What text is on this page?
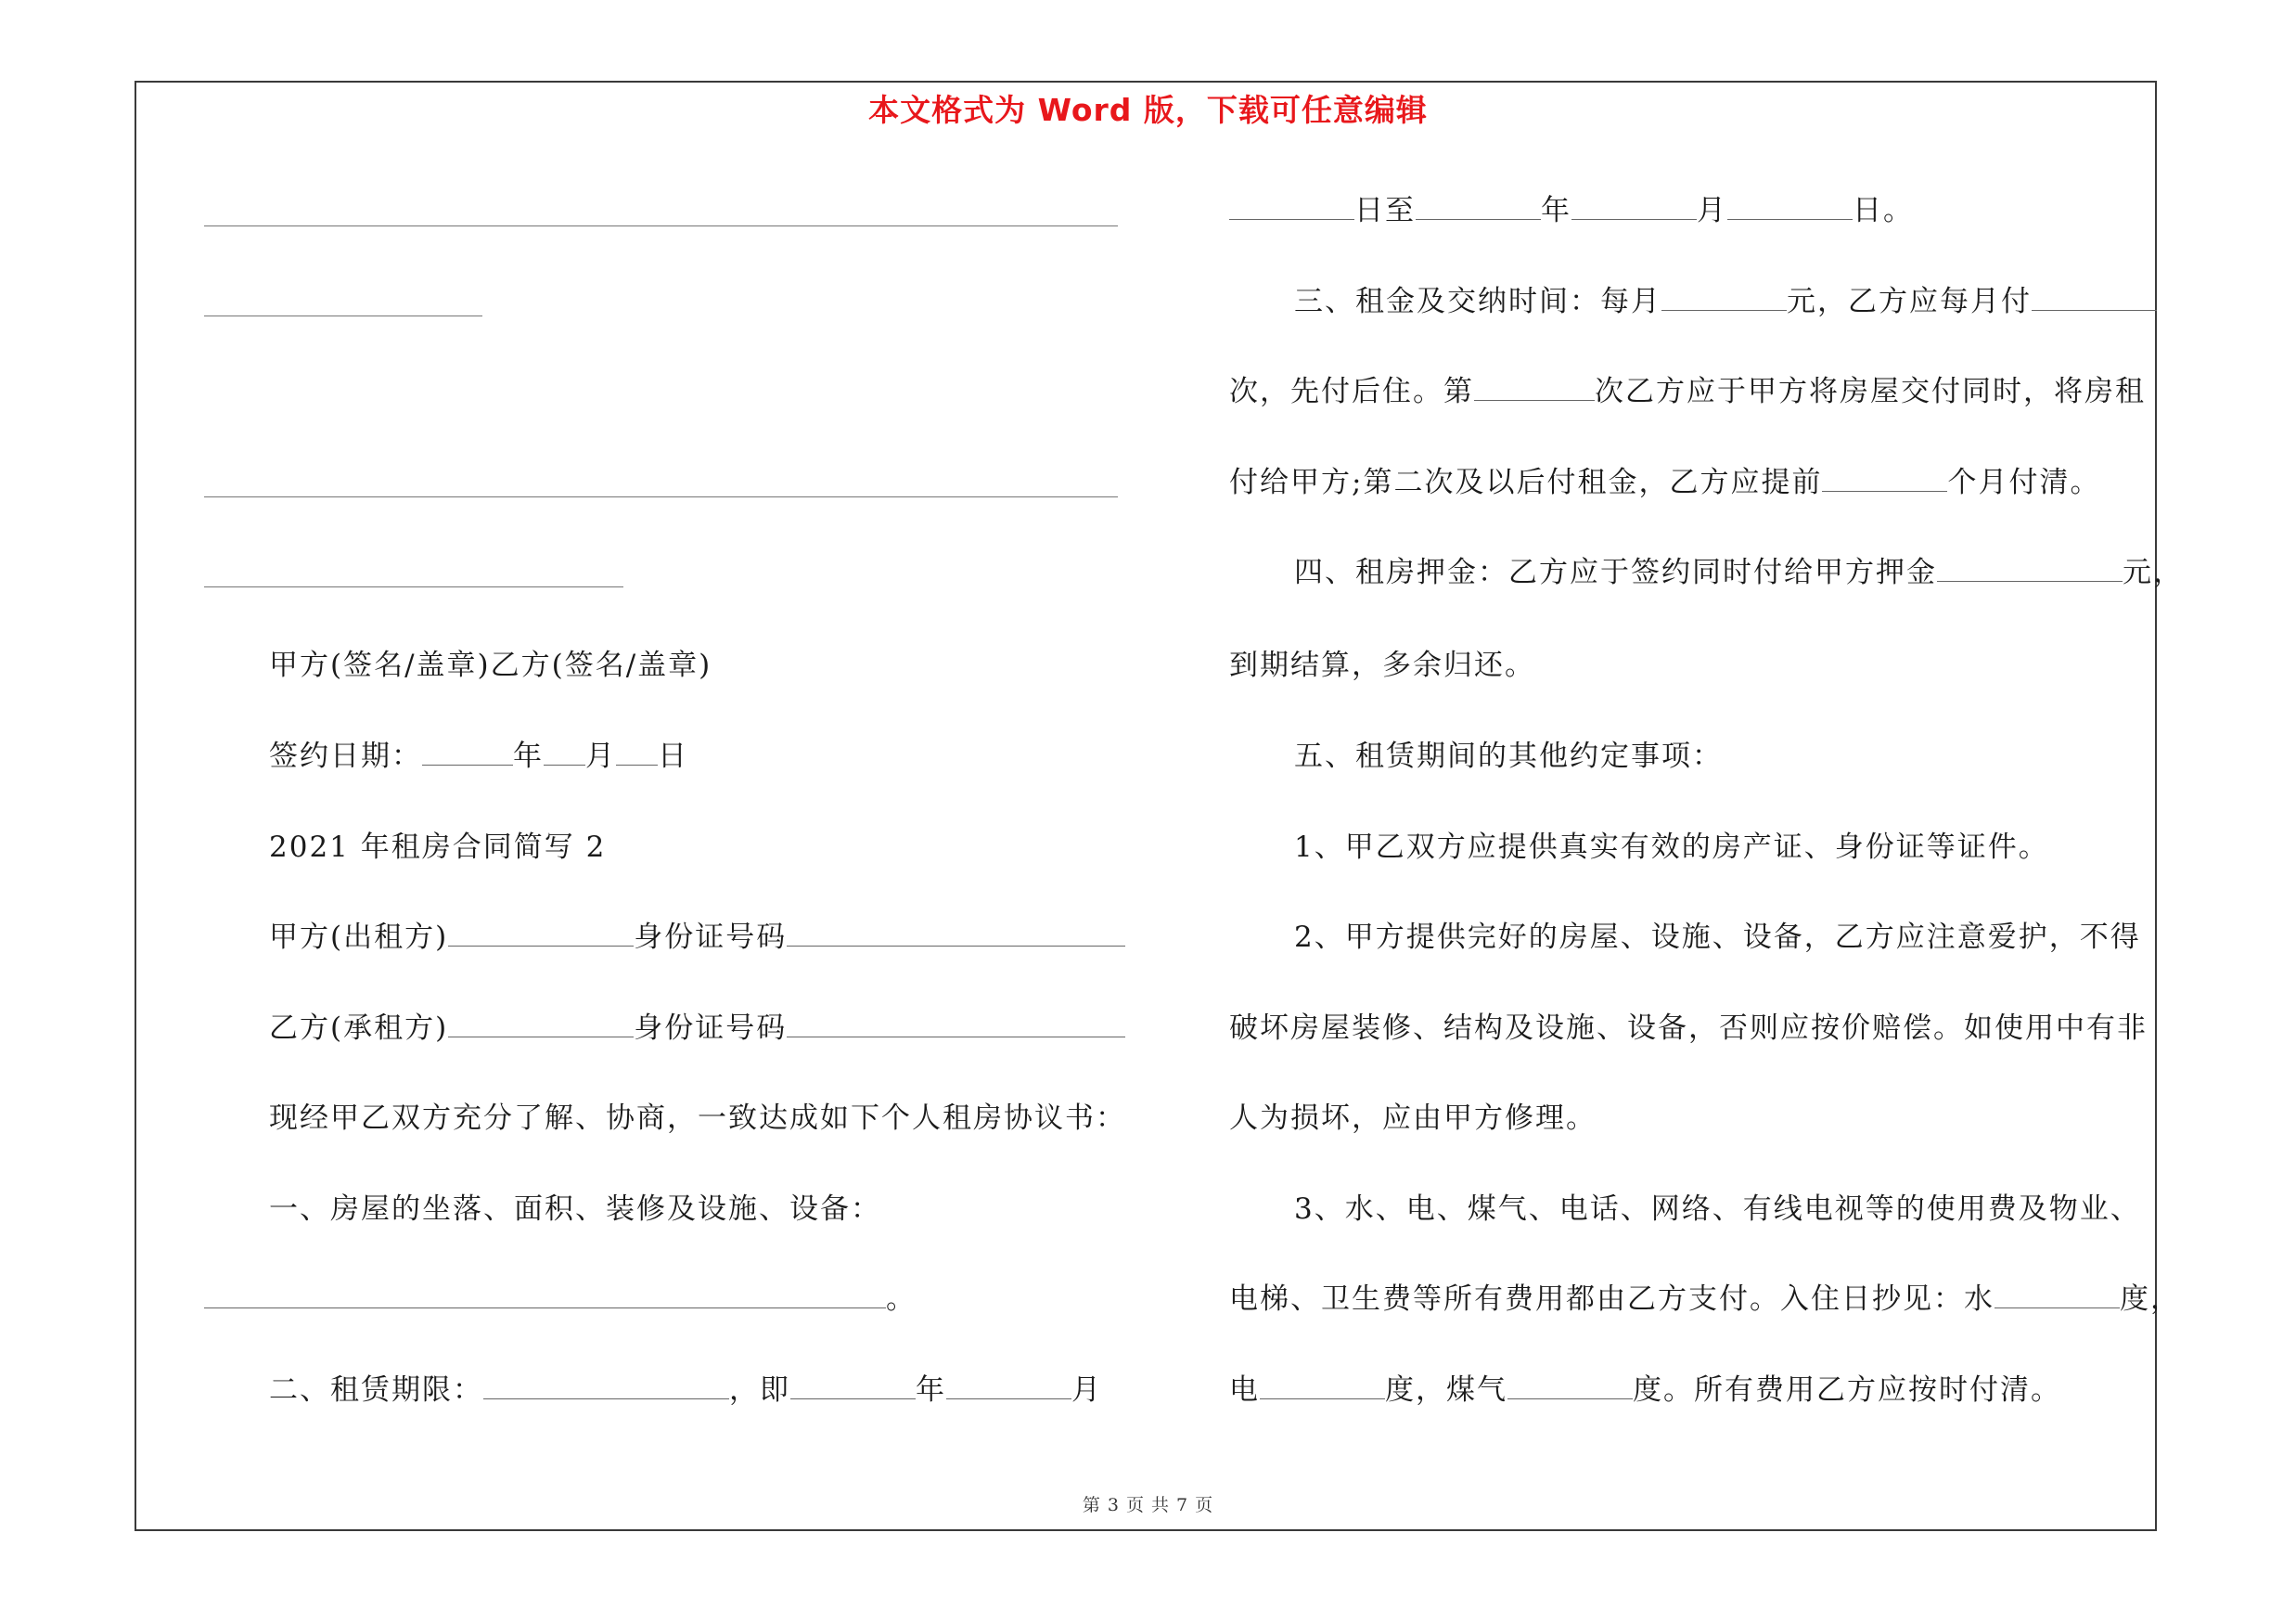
本文格式为 Word 版，下载可任意编辑
甲方(签名/盖章)乙方(签名/盖章)
签约日期：	年 月 日
2021 年租房合同简写 2
甲方(出租方)	身份证号码
乙方(承租方)	身份证号码
现经甲乙双方充分了解、协商，一致达成如下个人租房协议书：
一、房屋的坐落、面积、装修及设施、设备：
。
二、租赁期限：	，即	年	月
日至	年	月	日。
三、租金及交纳时间：每月	元，乙方应每月付
次，先付后住。第	次乙方应于甲方将房屋交付同时，将房租
付给甲方;第二次及以后付租金，乙方应提前	个月付清。
四、租房押金：乙方应于签约同时付给甲方押金	元，
到期结算，多余归还。
五、租赁期间的其他约定事项：
1、甲乙双方应提供真实有效的房产证、身份证等证件。
2、甲方提供完好的房屋、设施、设备，乙方应注意爱护，不得
破坏房屋装修、结构及设施、设备，否则应按价赔偿。如使用中有非
人为损坏，应由甲方修理。
3、水、电、煤气、电话、网络、有线电视等的使用费及物业、
电梯、卫生费等所有费用都由乙方支付。入住日抄见：水	度，
电	度，煤气	度。所有费用乙方应按时付清。
第 3 页 共 7 页
